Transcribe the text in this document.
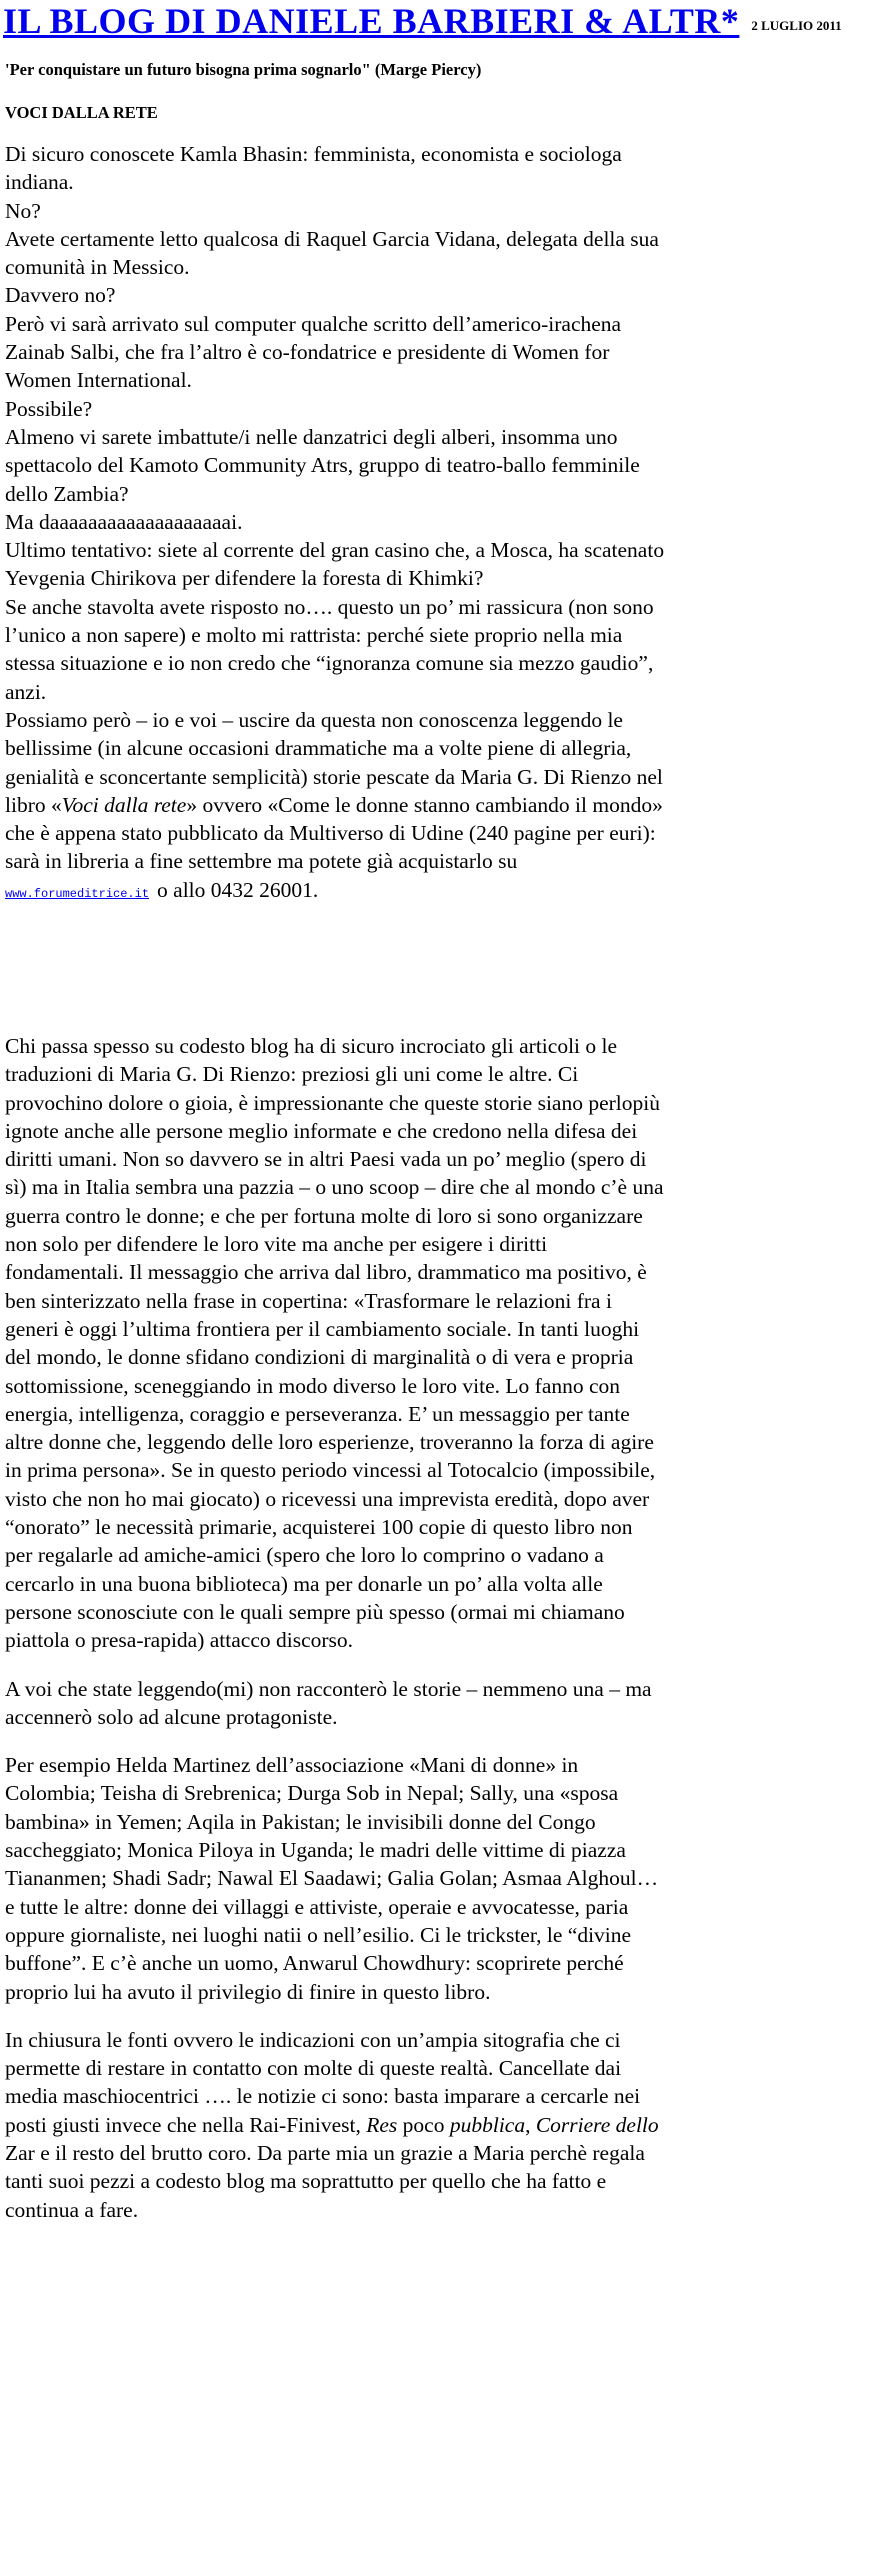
IL BLOG DI DANIELE BARBIERI & ALTR* 2 LUGLIO 2011
'Per conquistare un futuro bisogna prima sognarlo" (Marge Piercy)
VOCI DALLA RETE

Di sicuro conoscete Kamla Bhasin: femminista, economista e sociologa indiana.

No?

Avete certamente letto qualcosa di Raquel Garcia Vidana, delegata della sua comunità in Messico.

Davvero no?

Però vi sarà arrivato sul computer qualche scritto dell’americo-irachena Zainab Salbi, che fra l’altro è co-fondatrice e presidente di Women for Women International.

Possibile?

Almeno vi sarete imbattute/i nelle danzatrici degli alberi, insomma uno spettacolo del Kamoto Community Atrs, gruppo di teatro-ballo femminile dello Zambia?

Ma daaaaaaaaaaaaaaaaaaai.

Ultimo tentativo: siete al corrente del gran casino che, a Mosca, ha scatenato Yevgenia Chirikova per difendere la foresta di Khimki?

Se anche stavolta avete risposto no…. questo un po’ mi rassicura (non sono l’unico a non sapere) e molto mi rattrista: perché siete proprio nella mia stessa situazione e io non credo che “ignoranza comune sia mezzo gaudio”, anzi.

Possiamo però – io e voi – uscire da questa non conoscenza leggendo le bellissime (in alcune occasioni drammatiche ma a volte piene di allegria, genialità e sconcertante semplicità) storie pescate da Maria G. Di Rienzo nel libro «Voci dalla rete» ovvero «Come le donne stanno cambiando il mondo» che è appena stato pubblicato da Multiverso di Udine (240 pagine per euri): sarà in libreria a fine settembre ma potete già acquistarlo su
www.forumeditrice.it o allo 0432 26001.

Chi passa spesso su codesto blog ha di sicuro incrociato gli articoli o le traduzioni di Maria G. Di Rienzo: preziosi gli uni come le altre. Ci provochino dolore o gioia, è impressionante che queste storie siano perlopiù ignote anche alle persone meglio informate e che credono nella difesa dei diritti umani. Non so davvero se in altri Paesi vada un po’ meglio (spero di sì) ma in Italia sembra una pazzia – o uno scoop – dire che al mondo c’è una guerra contro le donne; e che per fortuna molte di loro si sono organizzare non solo per difendere le loro vite ma anche per esigere i diritti fondamentali. Il messaggio che arriva dal libro, drammatico ma positivo, è ben sinterizzato nella frase in copertina: «Trasformare le relazioni fra i generi è oggi l’ultima frontiera per il cambiamento sociale. In tanti luoghi del mondo, le donne sfidano condizioni di marginalità o di vera e propria sottomissione, sceneggiando in modo diverso le loro vite. Lo fanno con energia, intelligenza, coraggio e perseveranza. E’ un messaggio per tante altre donne che, leggendo delle loro esperienze, troveranno la forza di agire in prima persona». Se in questo periodo vincessi al Totocalcio (impossibile, visto che non ho mai giocato) o ricevessi una imprevista eredità, dopo aver “onorato” le necessità primarie, acquisterei 100 copie di questo libro non per regalarle ad amiche-amici (spero che loro lo comprino o vadano a cercarlo in una buona biblioteca) ma per donarle un po’ alla volta alle persone sconosciute con le quali sempre più spesso (ormai mi chiamano piattola o presa-rapida) attacco discorso.

A voi che state leggendo(mi) non racconterò le storie – nemmeno una – ma accennerò solo ad alcune protagoniste.

Per esempio Helda Martinez dell’associazione «Mani di donne» in Colombia; Teisha di Srebrenica; Durga Sob in Nepal; Sally, una «sposa bambina» in Yemen; Aqila in Pakistan; le invisibili donne del Congo saccheggiato; Monica Piloya in Uganda; le madri delle vittime di piazza Tiananmen; Shadi Sadr; Nawal El Saadawi; Galia Golan; Asmaa Alghoul… e tutte le altre: donne dei villaggi e attiviste, operaie e avvocatesse, paria oppure giornaliste, nei luoghi natii o nell’esilio. Ci le trickster, le “divine buffone”. E c’è anche un uomo, Anwarul Chowdhury: scoprirete perché proprio lui ha avuto il privilegio di finire in questo libro.

In chiusura le fonti ovvero le indicazioni con un’ampia sitografia che ci permette di restare in contatto con molte di queste realtà. Cancellate dai media maschiocentrici …. le notizie ci sono: basta imparare a cercarle nei posti giusti invece che nella Rai-Finivest, Res poco pubblica, Corriere dello Zar e il resto del brutto coro. Da parte mia un grazie a Maria perchè regala tanti suoi pezzi a codesto blog ma soprattutto per quello che ha fatto e continua a fare.
